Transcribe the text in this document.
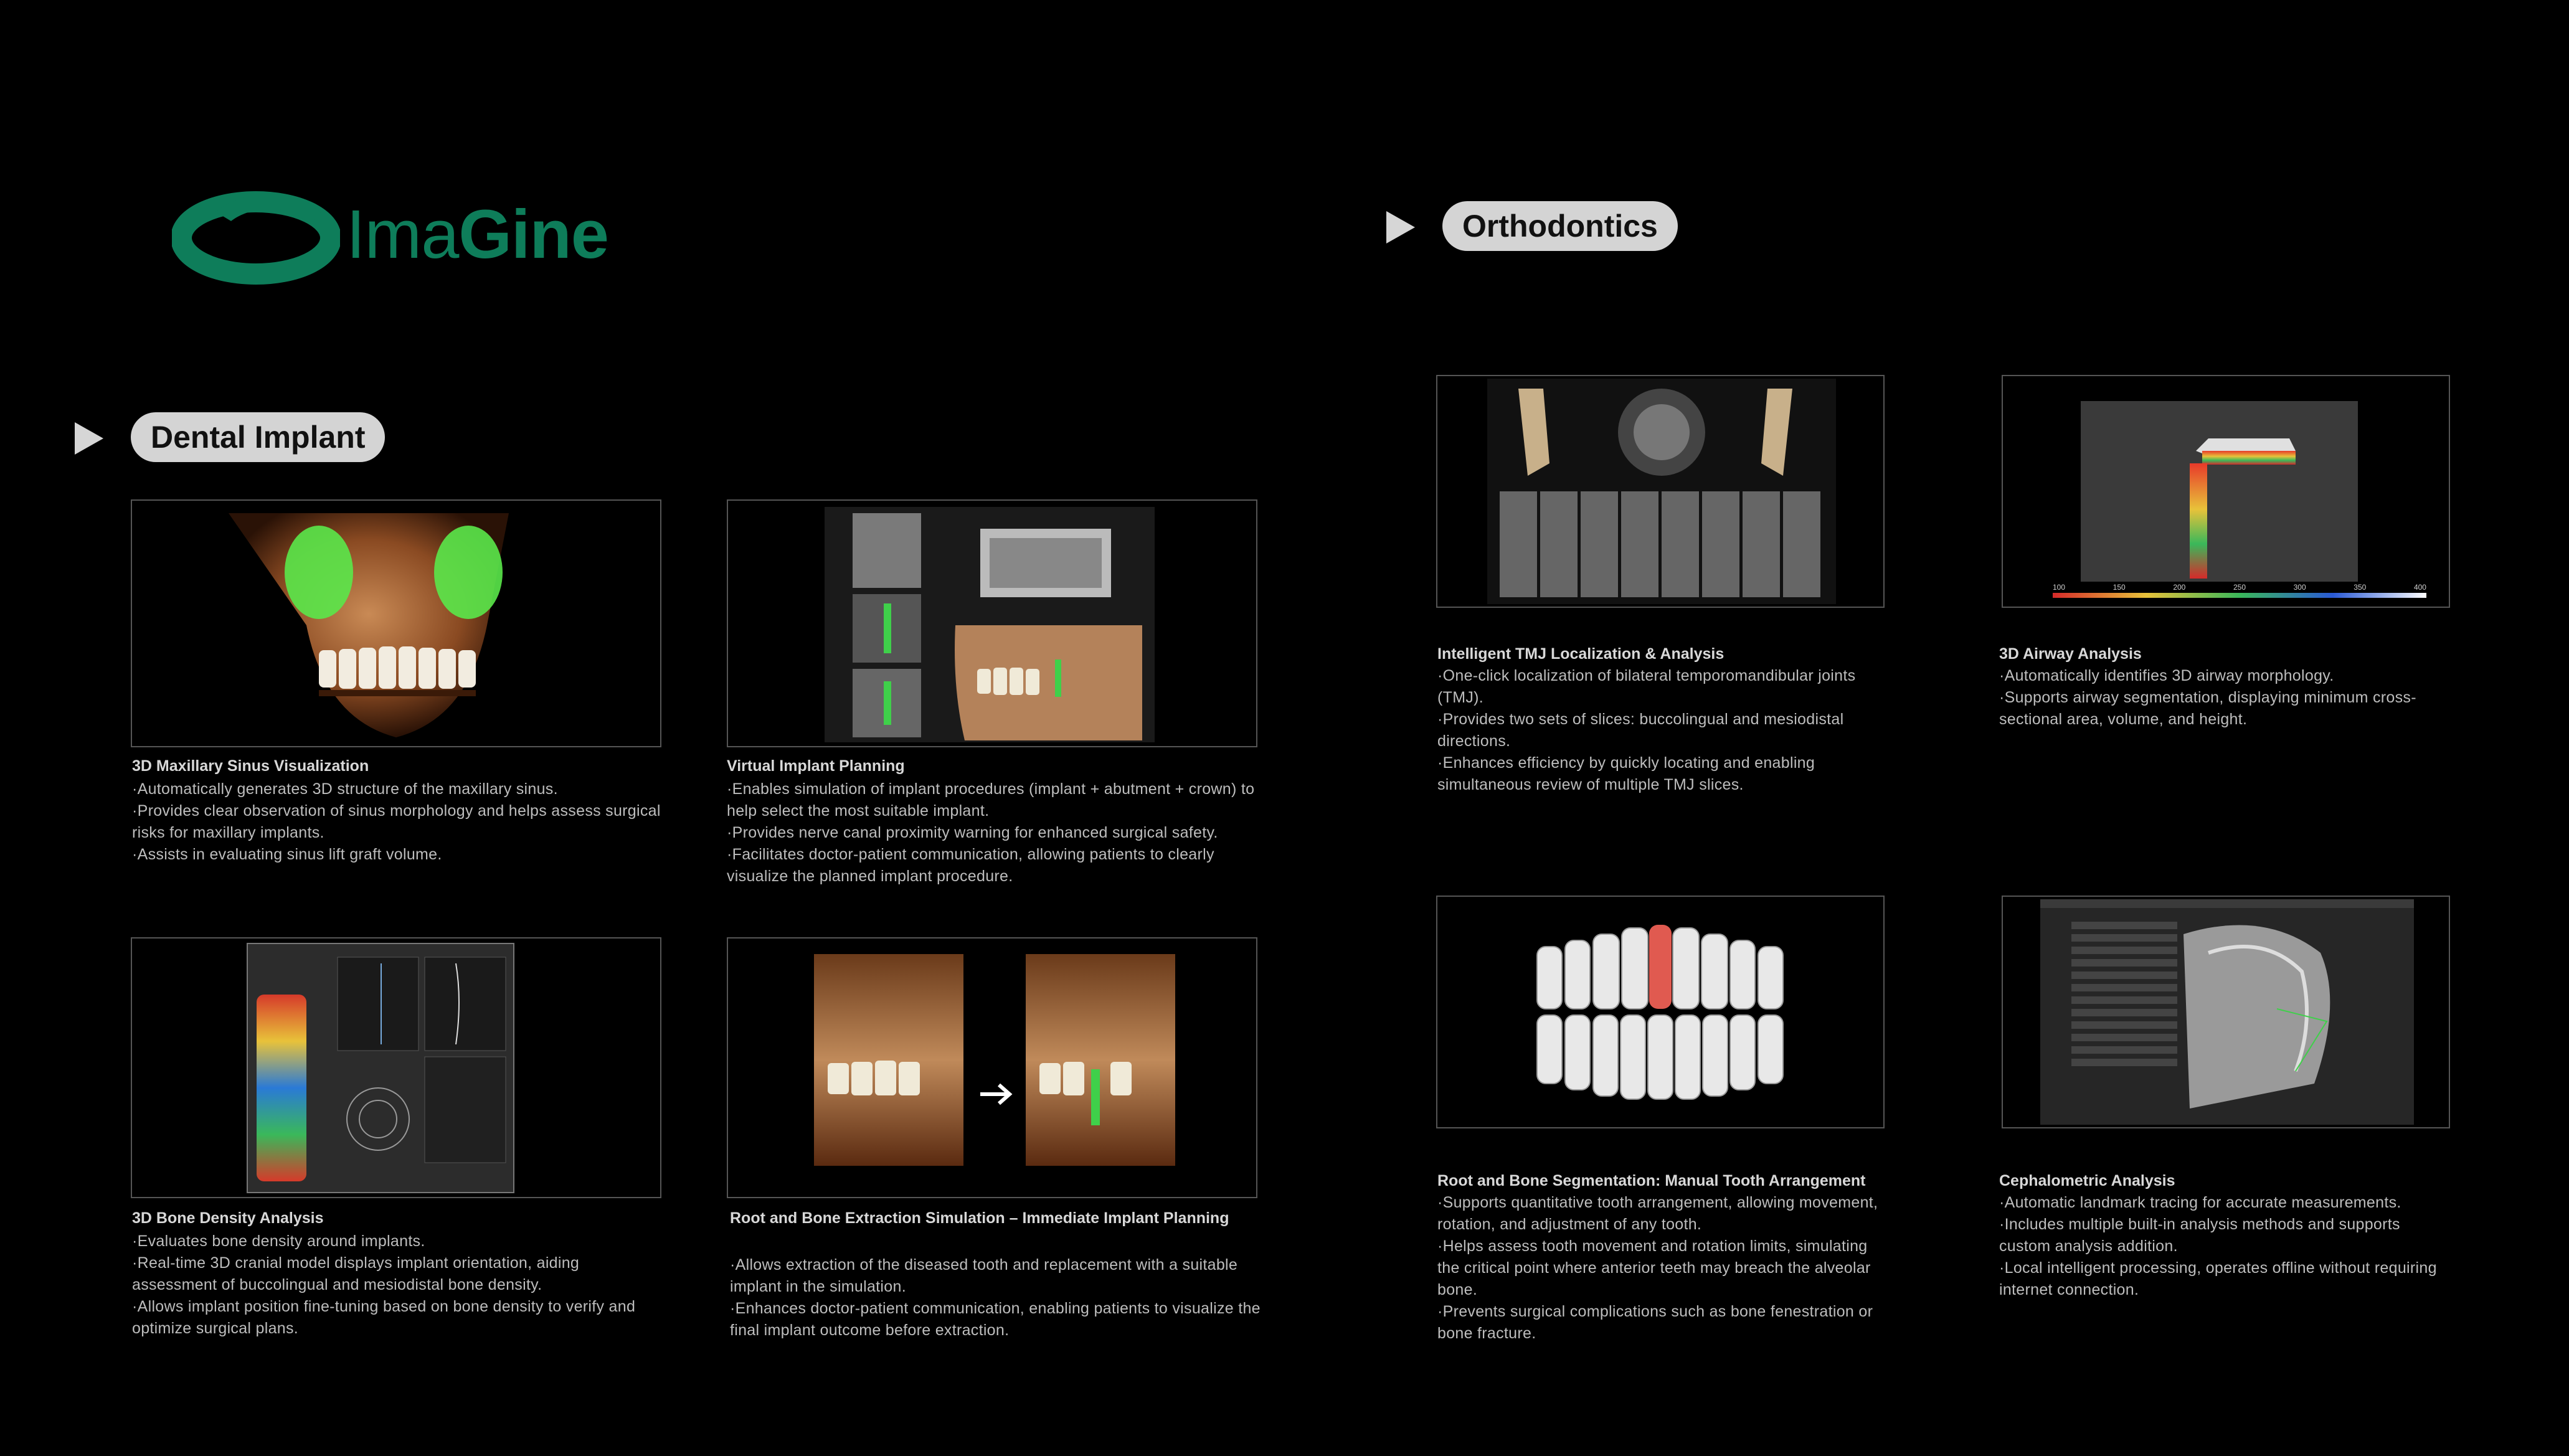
ImaGine
Dental Implant
Orthodontics
3D Maxillary Sinus Visualization

·Automatically generates 3D structure of the maxillary sinus.

·Provides clear observation of sinus morphology and helps assess surgical risks for maxillary implants.

·Assists in evaluating sinus lift graft volume.

Virtual Implant Planning

·Enables simulation of implant procedures (implant + abutment + crown) to help select the most suitable implant.

·Provides nerve canal proximity warning for enhanced surgical safety.

·Facilitates doctor-patient communication, allowing patients to clearly visualize the planned implant procedure.

3D Bone Density Analysis

·Evaluates bone density around implants.

·Real-time 3D cranial model displays implant orientation, aiding assessment of buccolingual and mesiodistal bone density.

·Allows implant position fine-tuning based on bone density to verify and optimize surgical plans.

Root and Bone Extraction Simulation – Immediate Implant Planning

·Allows extraction of the diseased tooth and replacement with a suitable implant in the simulation.

·Enhances doctor-patient communication, enabling patients to visualize the final implant outcome before extraction.

Intelligent TMJ Localization & Analysis

·One-click localization of bilateral temporomandibular joints (TMJ).

·Provides two sets of slices: buccolingual and mesiodistal directions.

·Enhances efficiency by quickly locating and enabling simultaneous review of multiple TMJ slices.

100	150	200	250	300	350	400
3D Airway Analysis

·Automatically identifies 3D airway morphology.

·Supports airway segmentation, displaying minimum cross-sectional area, volume, and height.

Root and Bone Segmentation: Manual Tooth Arrangement

·Supports quantitative tooth arrangement, allowing movement, rotation, and adjustment of any tooth.

·Helps assess tooth movement and rotation limits, simulating the critical point where anterior teeth may breach the alveolar bone.

·Prevents surgical complications such as bone fenestration or bone fracture.

Cephalometric Analysis

·Automatic landmark tracing for accurate measurements.

·Includes multiple built-in analysis methods and supports custom analysis addition.

·Local intelligent processing, operates offline without requiring internet connection.
